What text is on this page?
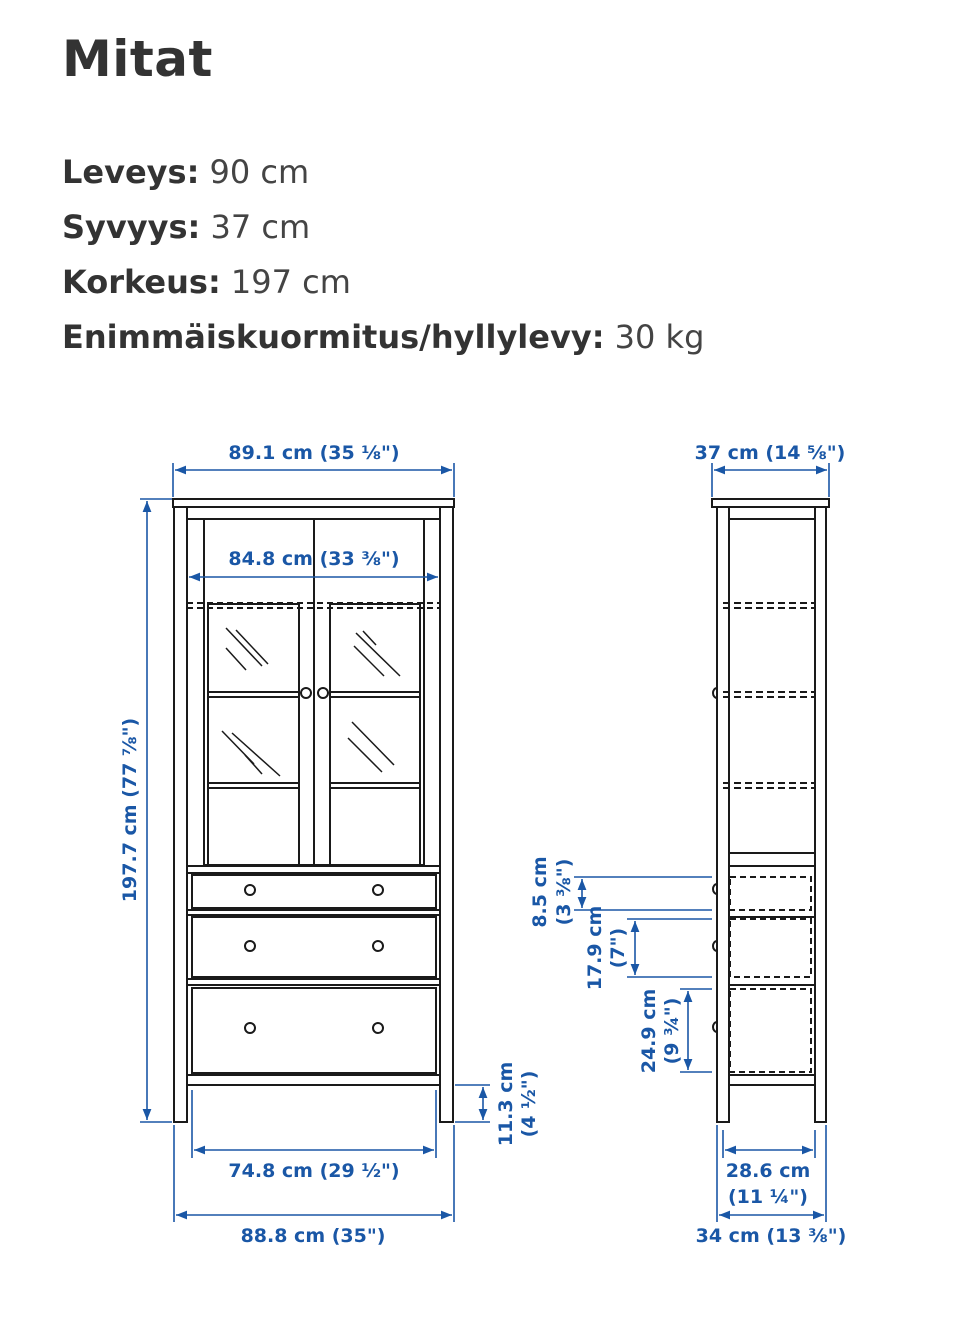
Mitat
Leveys: 90 cm
Syvyys: 37 cm
Korkeus: 197 cm
Enimmäiskuormitus/hyllylevy: 30 kg
89.1 cm (35 ⅛")
84.8 cm (33 ⅜")
197.7 cm (77 ⅞")
11.3 cm (4 ½")
74.8 cm (29 ½")
88.8 cm (35")
37 cm (14 ⅝")
8.5 cm (3 ⅜")
17.9 cm (7")
24.9 cm (9 ¾")
28.6 cm
(11 ¼")
34 cm (13 ⅜")
